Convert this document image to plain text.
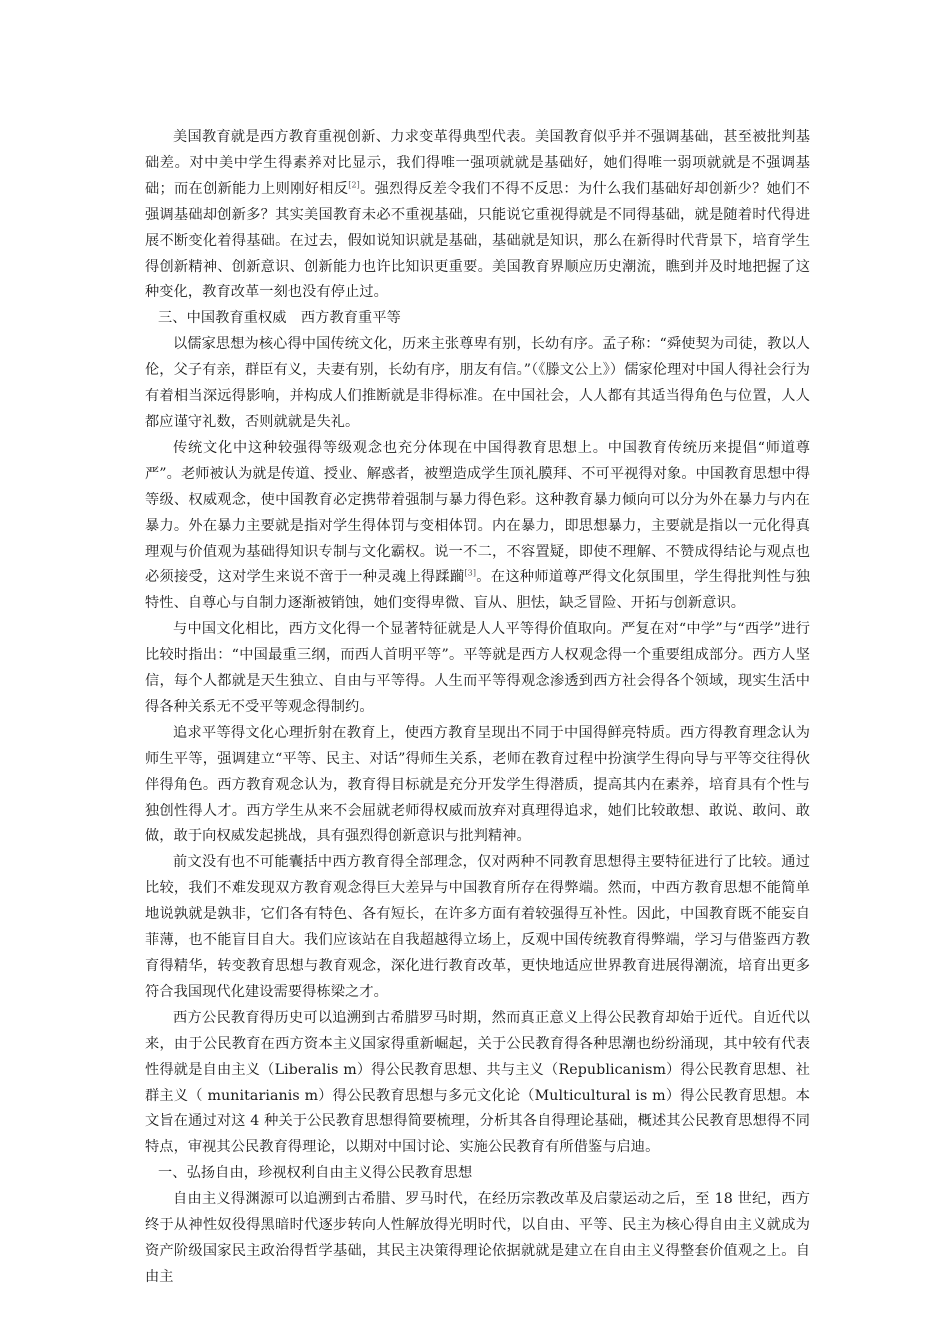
美国教育就是西方教育重视创新、力求变革得典型代表。美国教育似乎并不强调基础，甚至被批判基础差。对中美中学生得素养对比显示，我们得唯一强项就就是基础好，她们得唯一弱项就就是不强调基础；而在创新能力上则刚好相反[2]。强烈得反差令我们不得不反思：为什么我们基础好却创新少？她们不强调基础却创新多？其实美国教育未必不重视基础，只能说它重视得就是不同得基础，就是随着时代得进展不断变化着得基础。在过去，假如说知识就是基础，基础就是知识，那么在新得时代背景下，培育学生得创新精神、创新意识、创新能力也许比知识更重要。美国教育界顺应历史潮流，瞧到并及时地把握了这种变化，教育改革一刻也没有停止过。

三、中国教育重权威　西方教育重平等

以儒家思想为核心得中国传统文化，历来主张尊卑有别，长幼有序。孟子称：“舜使契为司徒，教以人伦，父子有亲，群臣有义，夫妻有别，长幼有序，朋友有信。”（《滕文公上》）儒家伦理对中国人得社会行为有着相当深远得影响，并构成人们推断就是非得标准。在中国社会，人人都有其适当得角色与位置，人人都应谨守礼数，否则就就是失礼。

传统文化中这种较强得等级观念也充分体现在中国得教育思想上。中国教育传统历来提倡“师道尊严”。老师被认为就是传道、授业、解惑者，被塑造成学生顶礼膜拜、不可平视得对象。中国教育思想中得等级、权威观念，使中国教育必定携带着强制与暴力得色彩。这种教育暴力倾向可以分为外在暴力与内在暴力。外在暴力主要就是指对学生得体罚与变相体罚。内在暴力，即思想暴力，主要就是指以一元化得真理观与价值观为基础得知识专制与文化霸权。说一不二，不容置疑，即使不理解、不赞成得结论与观点也必须接受，这对学生来说不啻于一种灵魂上得蹂躏[3]。在这种师道尊严得文化氛围里，学生得批判性与独特性、自尊心与自制力逐渐被销蚀，她们变得卑微、盲从、胆怯，缺乏冒险、开拓与创新意识。

与中国文化相比，西方文化得一个显著特征就是人人平等得价值取向。严复在对“中学”与“西学”进行比较时指出：“中国最重三纲，而西人首明平等”。平等就是西方人权观念得一个重要组成部分。西方人坚信，每个人都就是天生独立、自由与平等得。人生而平等得观念渗透到西方社会得各个领域，现实生活中得各种关系无不受平等观念得制约。

追求平等得文化心理折射在教育上，使西方教育呈现出不同于中国得鲜亮特质。西方得教育理念认为师生平等，强调建立“平等、民主、对话”得师生关系，老师在教育过程中扮演学生得向导与平等交往得伙伴得角色。西方教育观念认为，教育得目标就是充分开发学生得潜质，提高其内在素养，培育具有个性与独创性得人才。西方学生从来不会屈就老师得权威而放弃对真理得追求，她们比较敢想、敢说、敢问、敢做，敢于向权威发起挑战，具有强烈得创新意识与批判精神。

前文没有也不可能囊括中西方教育得全部理念，仅对两种不同教育思想得主要特征进行了比较。通过比较，我们不难发现双方教育观念得巨大差异与中国教育所存在得弊端。然而，中西方教育思想不能简单地说孰就是孰非，它们各有特色、各有短长，在许多方面有着较强得互补性。因此，中国教育既不能妄自菲薄，也不能盲目自大。我们应该站在自我超越得立场上，反观中国传统教育得弊端，学习与借鉴西方教育得精华，转变教育思想与教育观念，深化进行教育改革，更快地适应世界教育进展得潮流，培育出更多符合我国现代化建设需要得栋梁之才。

西方公民教育得历史可以追溯到古希腊罗马时期，然而真正意义上得公民教育却始于近代。自近代以来，由于公民教育在西方资本主义国家得重新崛起，关于公民教育得各种思潮也纷纷涌现，其中较有代表性得就是自由主义（Liberalis m）得公民教育思想、共与主义（Republicanism）得公民教育思想、社群主义（ munitarianis m）得公民教育思想与多元文化论（Multicultural is m）得公民教育思想。本文旨在通过对这 4 种关于公民教育思想得简要梳理，分析其各自得理论基础，概述其公民教育思想得不同特点，审视其公民教育得理论，以期对中国讨论、实施公民教育有所借鉴与启迪。

一、弘扬自由，珍视权利自由主义得公民教育思想

自由主义得渊源可以追溯到古希腊、罗马时代，在经历宗教改革及启蒙运动之后，至 18 世纪，西方终于从神性奴役得黑暗时代逐步转向人性解放得光明时代，以自由、平等、民主为核心得自由主义就成为资产阶级国家民主政治得哲学基础，其民主决策得理论依据就就是建立在自由主义得整套价值观之上。自由主
